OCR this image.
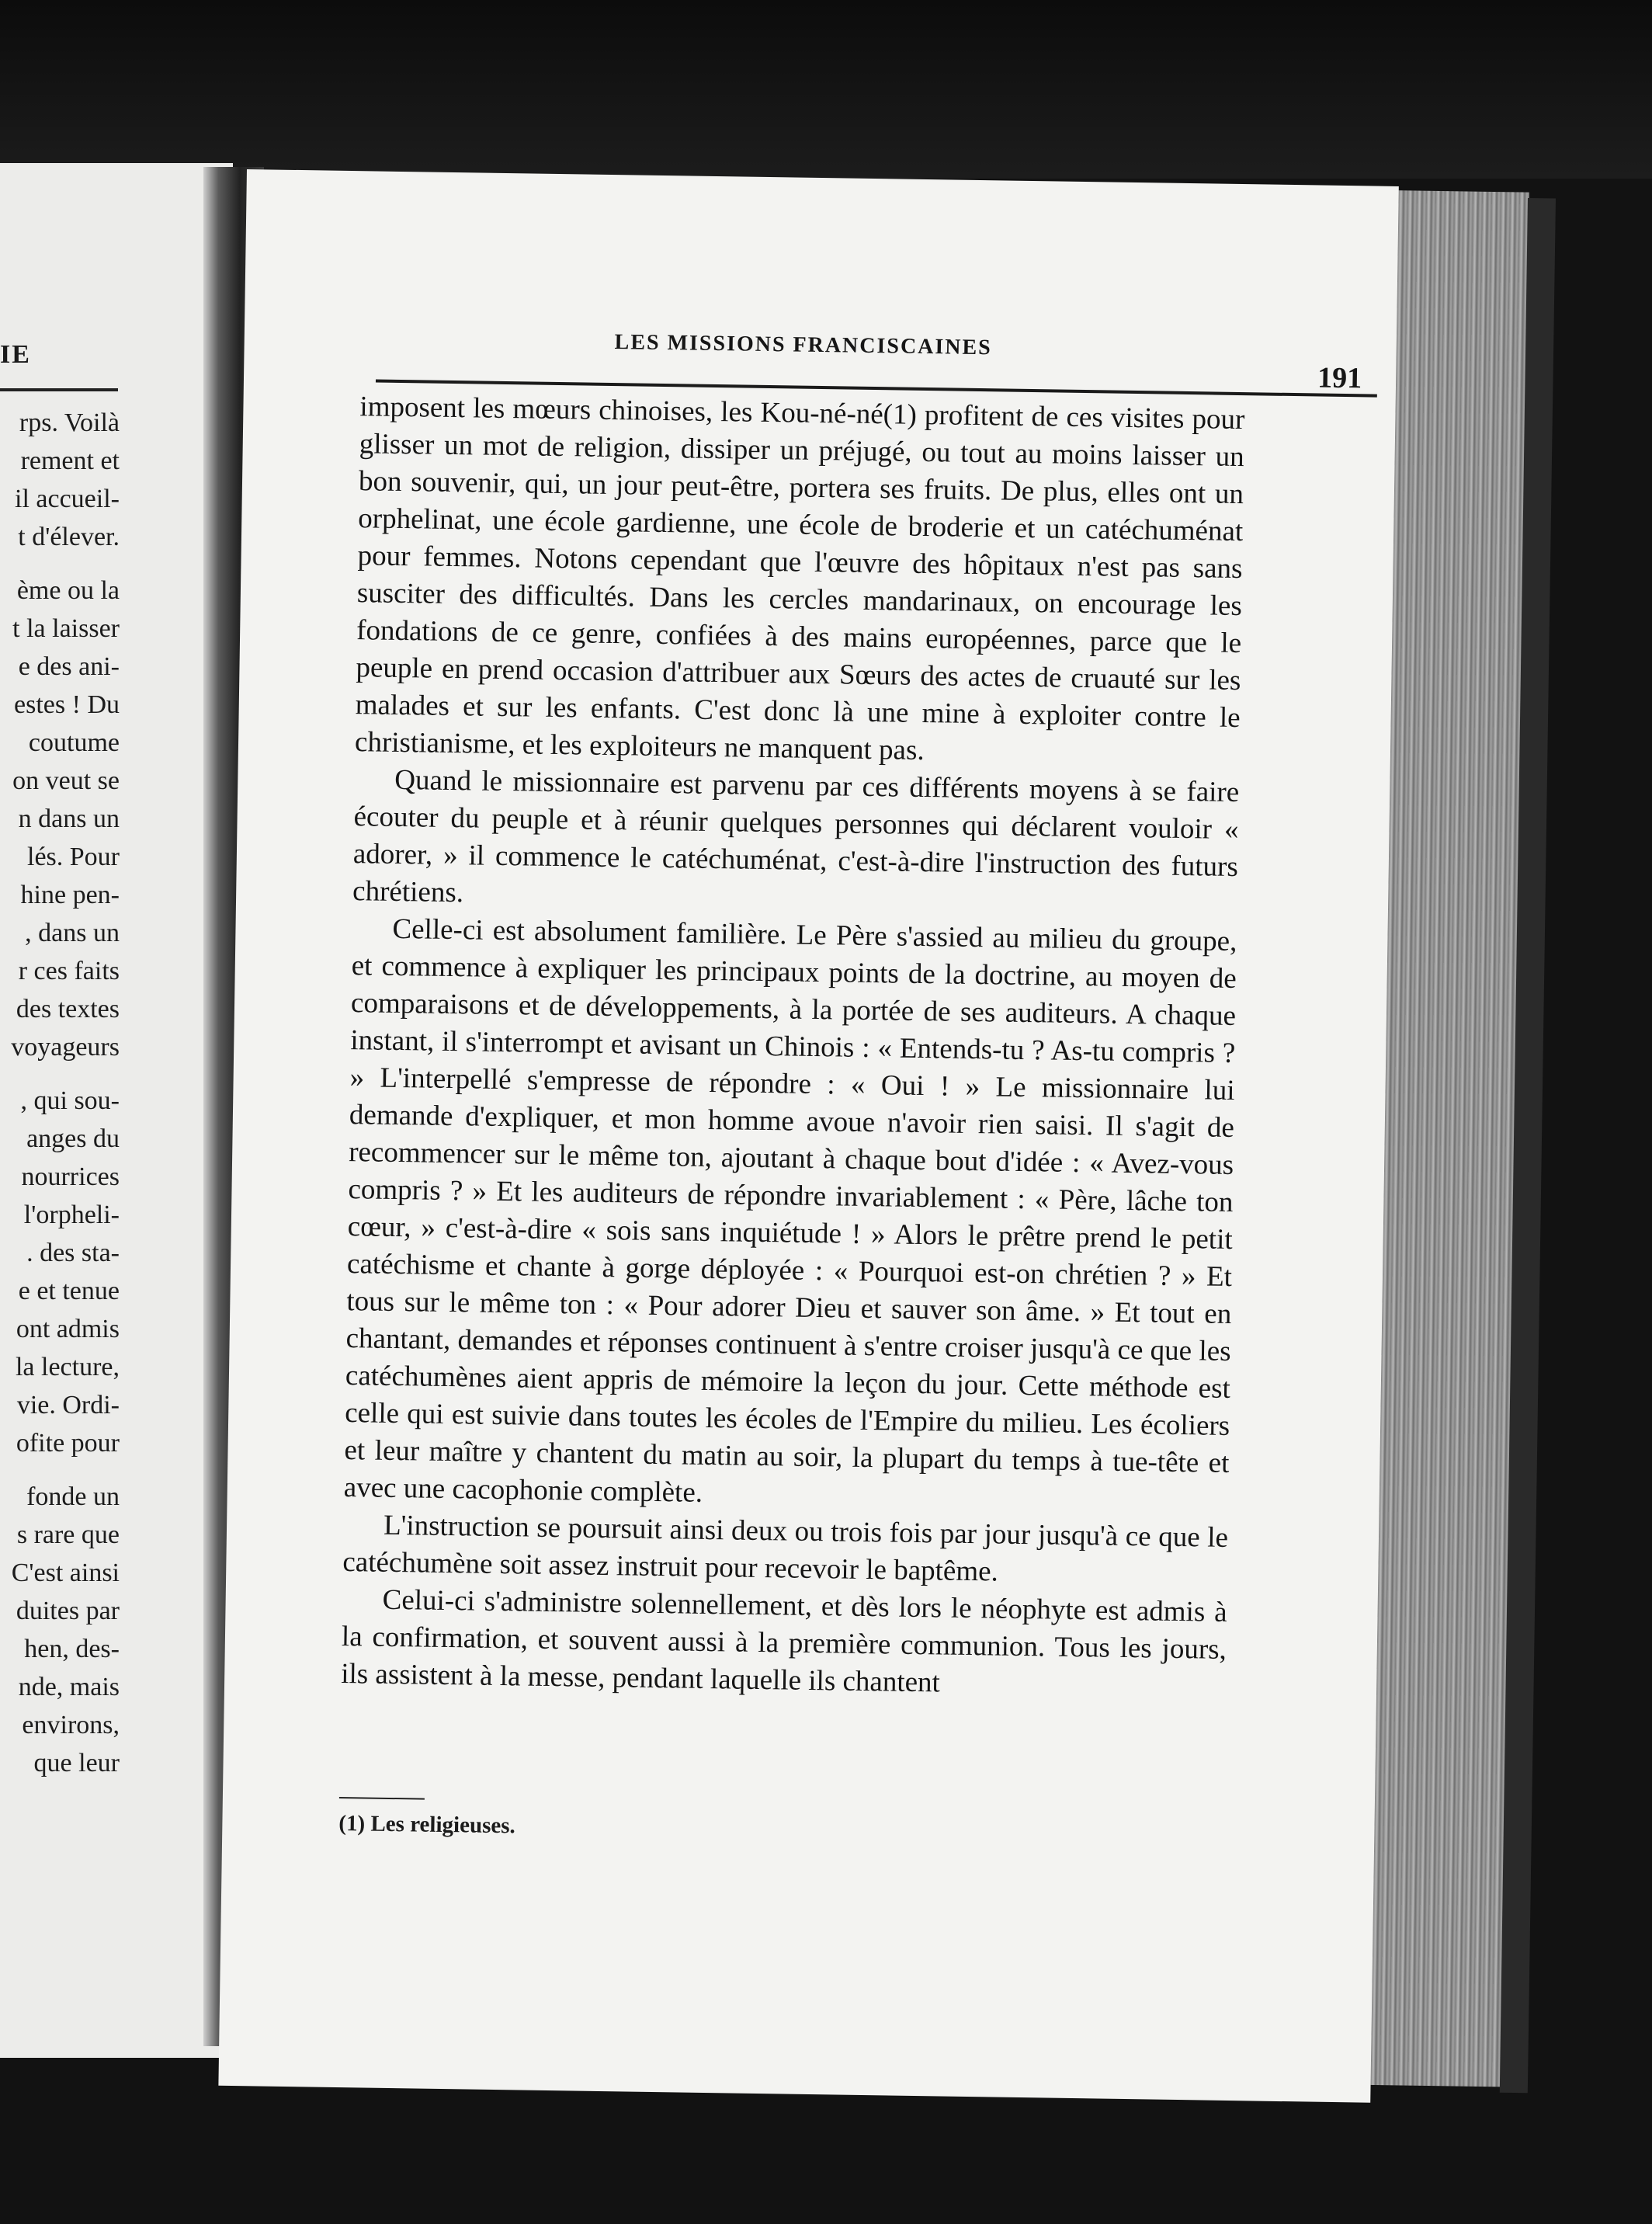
IE
rps. Voilà
rement et
il accueil-
t d'élever.
ème ou la
t la laisser
e des ani-
estes ! Du
coutume
on veut se
n dans un
lés. Pour
hine pen-
, dans un
r ces faits
des textes
voyageurs
, qui sou-
anges du
nourrices
l'orpheli-
. des sta-
e et tenue
ont admis
la lecture,
vie. Ordi-
ofite pour
fonde un
s rare que
C'est ainsi
duites par
hen, des-
nde, mais
environs,
que leur
LES MISSIONS FRANCISCAINES
191

imposent les mœurs chinoises, les Kou-né-né(1) profitent de ces visites pour glisser un mot de religion, dissiper un préjugé, ou tout au moins laisser un bon souvenir, qui, un jour peut-être, portera ses fruits. De plus, elles ont un orphelinat, une école gardienne, une école de broderie et un catéchuménat pour femmes. Notons cependant que l'œuvre des hôpitaux n'est pas sans susciter des difficultés. Dans les cercles mandarinaux, on encourage les fondations de ce genre, confiées à des mains européennes, parce que le peuple en prend occasion d'attribuer aux Sœurs des actes de cruauté sur les malades et sur les enfants. C'est donc là une mine à exploiter contre le christianisme, et les exploiteurs ne manquent pas.

Quand le missionnaire est parvenu par ces différents moyens à se faire écouter du peuple et à réunir quelques personnes qui déclarent vouloir « adorer, » il commence le catéchuménat, c'est-à-dire l'instruction des futurs chrétiens.

Celle-ci est absolument familière. Le Père s'assied au milieu du groupe, et commence à expliquer les principaux points de la doctrine, au moyen de comparaisons et de développements, à la portée de ses auditeurs. A chaque instant, il s'interrompt et avisant un Chinois : « Entends-tu ? As-tu compris ? » L'interpellé s'empresse de répondre : « Oui ! » Le missionnaire lui demande d'expliquer, et mon homme avoue n'avoir rien saisi. Il s'agit de recommencer sur le même ton, ajoutant à chaque bout d'idée : « Avez-vous compris ? » Et les auditeurs de répondre invariablement : « Père, lâche ton cœur, » c'est-à-dire « sois sans inquiétude ! » Alors le prêtre prend le petit catéchisme et chante à gorge déployée : « Pourquoi est-on chrétien ? » Et tous sur le même ton : « Pour adorer Dieu et sauver son âme. » Et tout en chantant, demandes et réponses continuent à s'entre croiser jusqu'à ce que les catéchumènes aient appris de mémoire la leçon du jour. Cette méthode est celle qui est suivie dans toutes les écoles de l'Empire du milieu. Les écoliers et leur maître y chantent du matin au soir, la plupart du temps à tue-tête et avec une cacophonie complète.

L'instruction se poursuit ainsi deux ou trois fois par jour jusqu'à ce que le catéchumène soit assez instruit pour recevoir le baptême.

Celui-ci s'administre solennellement, et dès lors le néophyte est admis à la confirmation, et souvent aussi à la première communion. Tous les jours, ils assistent à la messe, pendant laquelle ils chantent

(1) Les religieuses.
